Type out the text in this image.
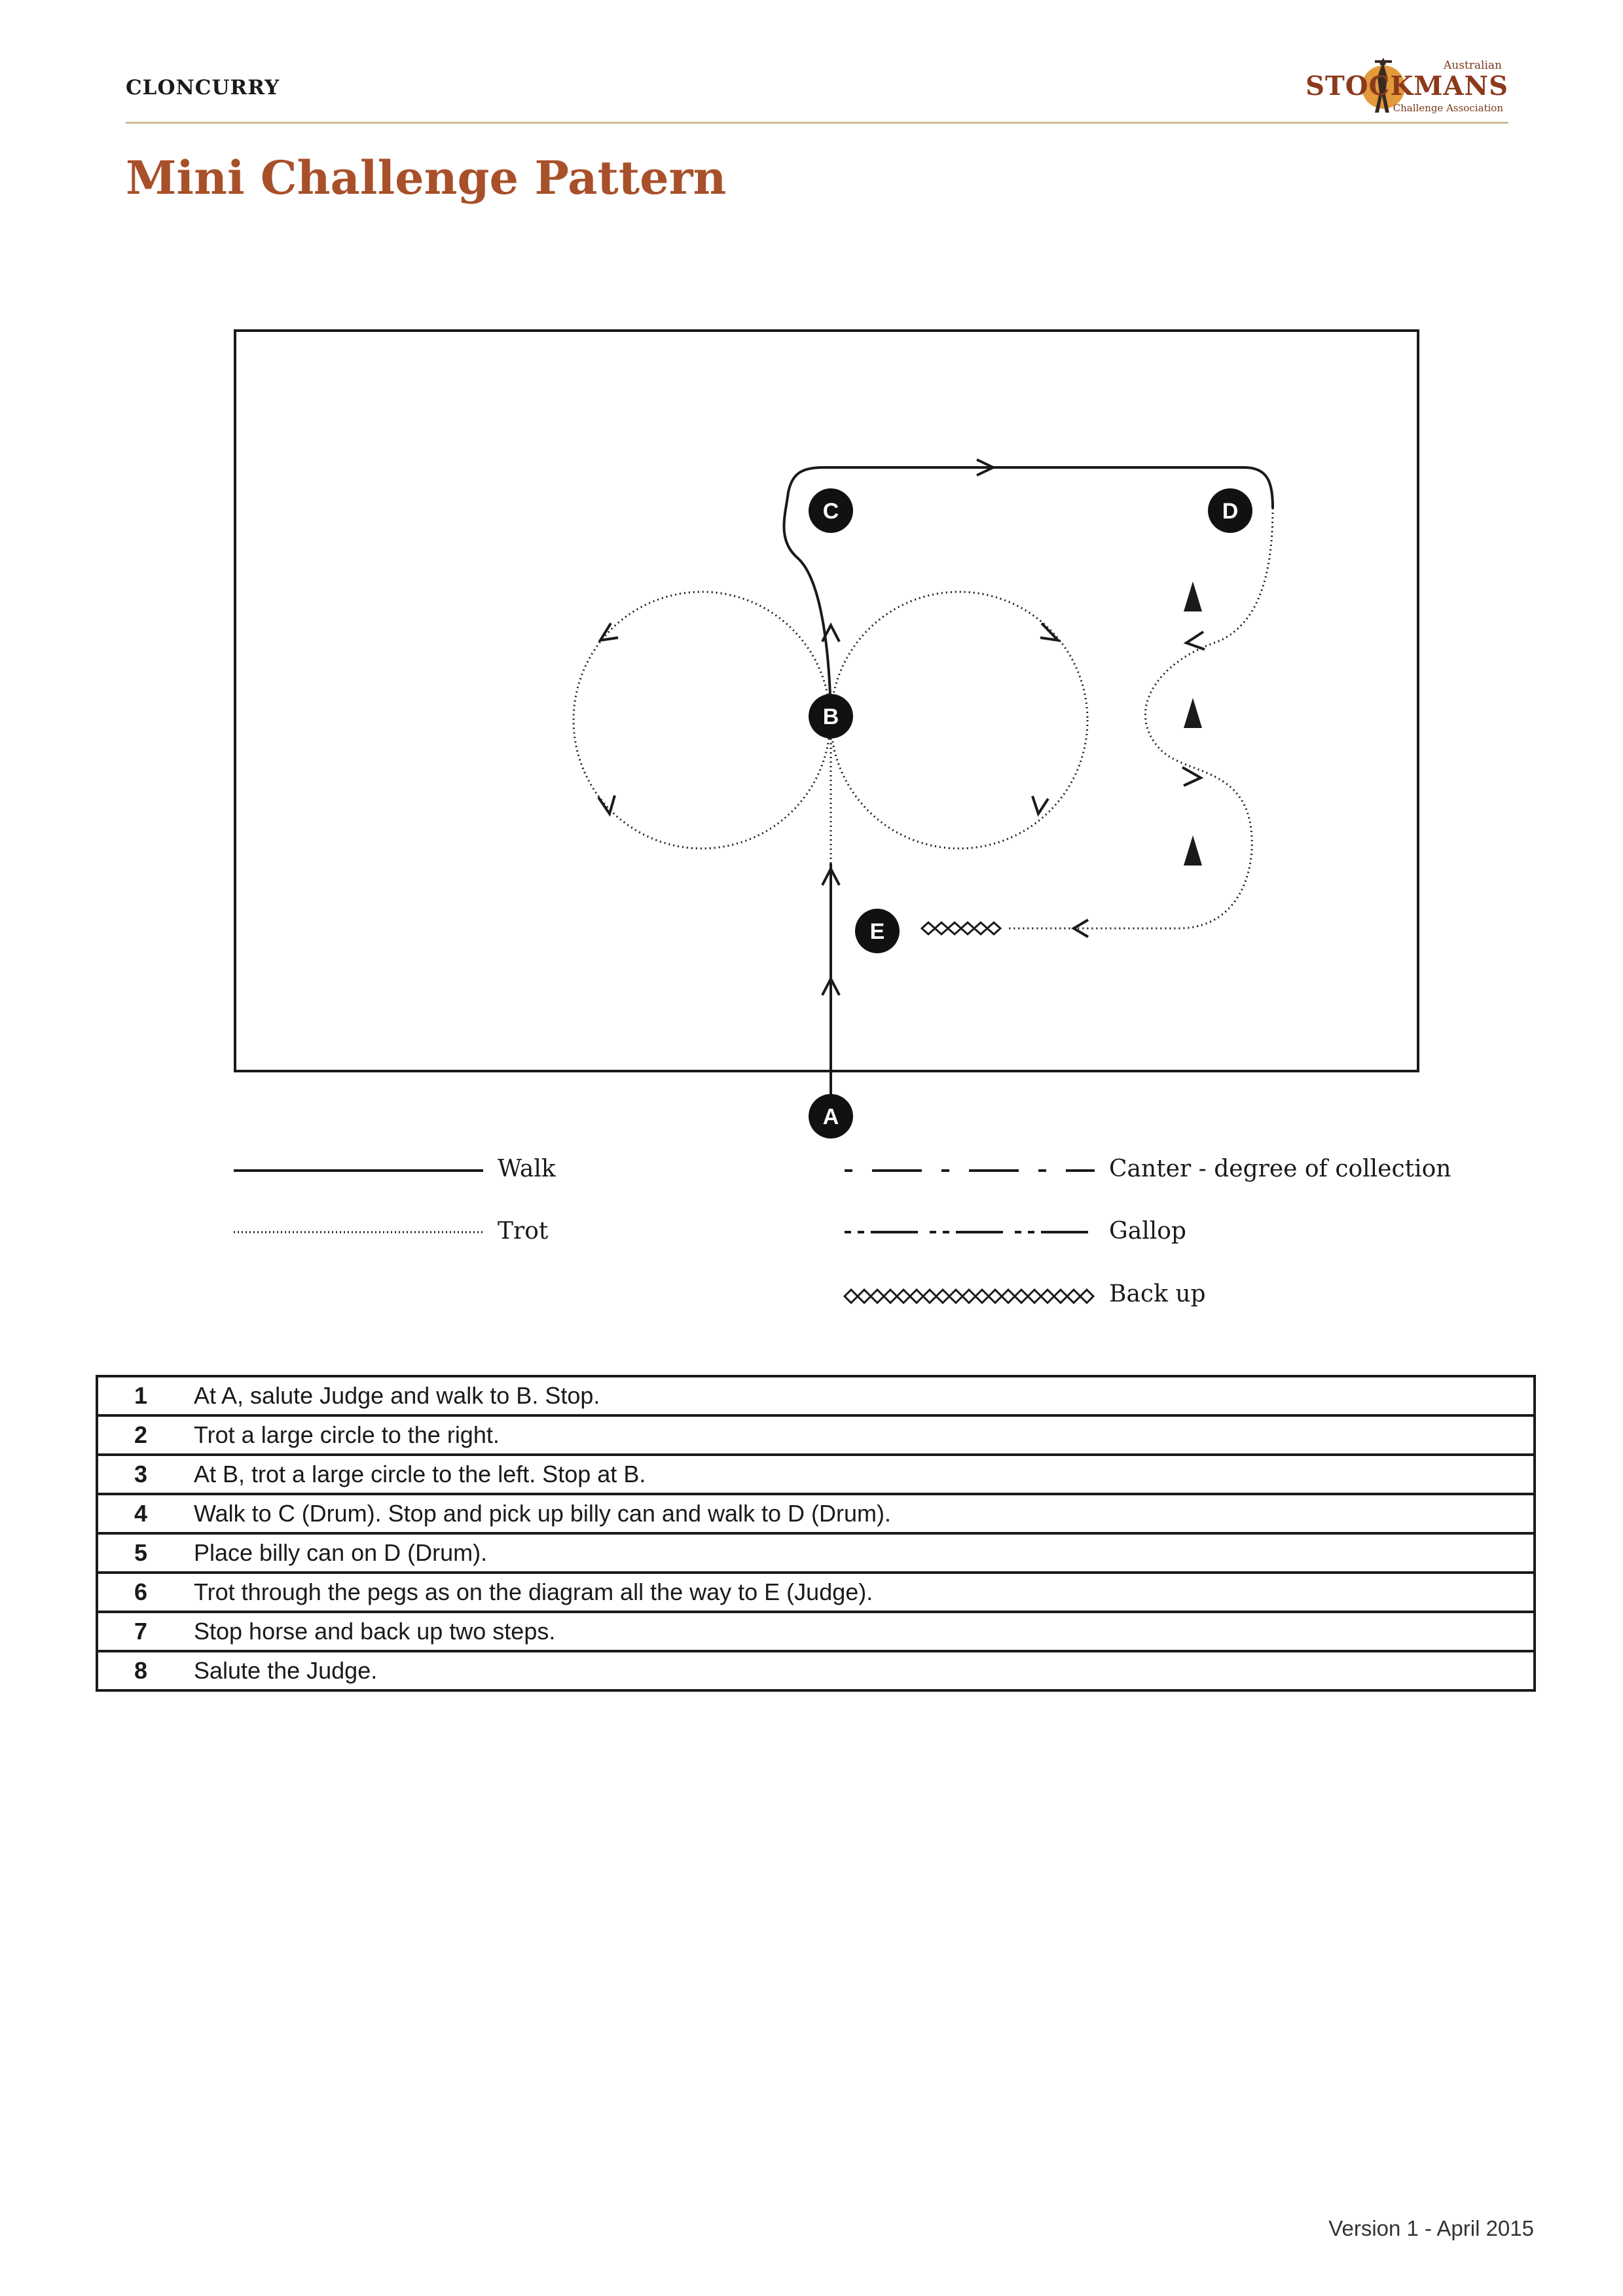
CLONCURRY
Australian
STOCKMANS
Challenge Association
Mini Challenge Pattern
C	D
B
E
A
Walk
Trot
Canter - degree of collection
Gallop
Back up
1	At A, salute Judge and walk to B. Stop.
2	Trot a large circle to the right.
3	At B, trot a large circle to the left. Stop at B.
4	Walk to C (Drum). Stop and pick up billy can and walk to D (Drum).
5	Place billy can on D (Drum).
6	Trot through the pegs as on the diagram all the way to E (Judge).
7	Stop horse and back up two steps.
8	Salute the Judge.
Version 1 - April 2015
